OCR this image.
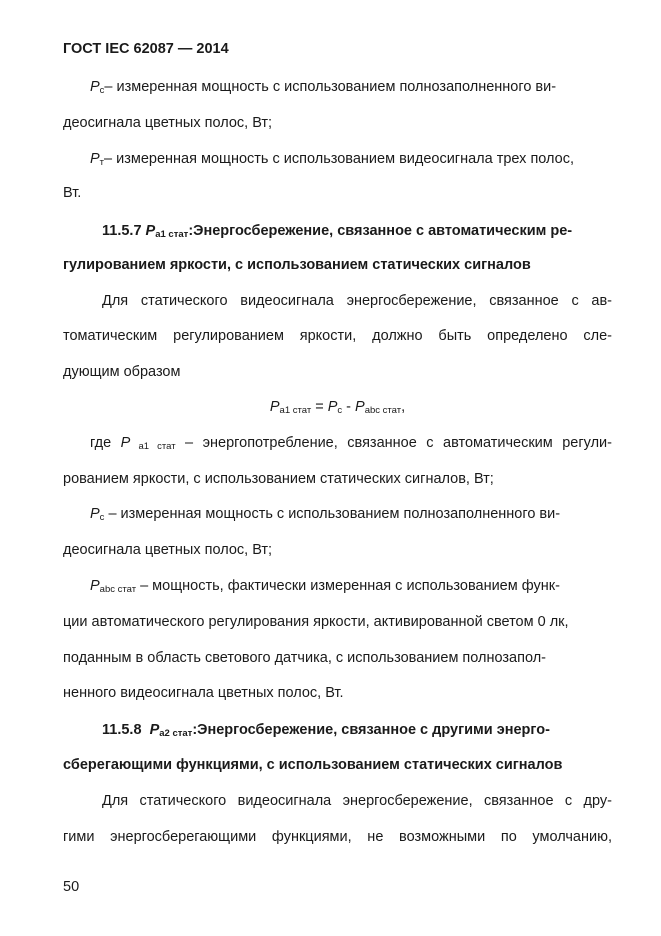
ГОСТ IEC 62087 — 2014
$P_c-$ измеренная мощность с использованием полнозаполненного ви-
деосигнала цветных полос, Вт;
$P_т-$ измеренная мощность с использованием видеосигнала трех полос,
Вт.
11.5.7 $P_{a1 стат}:Энергосбережение$, связанное с автоматическим ре-
гулированием яркости, с использованием статических сигналов
Для статического видеосигнала энергосбережение, связанное с ав-
томатическим регулированием яркости, должно быть определено сле-
дующим образом
$P_{a1 стат} = P_c - P_{abc стат}$,
где P $_{a1 стат}$ – энергопотребление, связанное с автоматическим регули-
рованием яркости, с использованием статических сигналов, Вт;
$P_c$ – измеренная мощность с использованием полнозаполненного ви-
деосигнала цветных полос, Вт;
$P_{abc стат}$ – мощность, фактически измеренная с использованием функ-
ции автоматического регулирования яркости, активированной светом 0 лк,
поданным в область светового датчика, с использованием полнозапол-
ненного видеосигнала цветных полос, Вт.
11.5.8 $P_{a2 стат}:Энергосбережение$, связанное с другими энерго-
сберегающими функциями, с использованием статических сигналов
Для статического видеосигнала энергосбережение, связанное с дру-
гими энергосберегающими функциями, не возможными по умолчанию,
50
